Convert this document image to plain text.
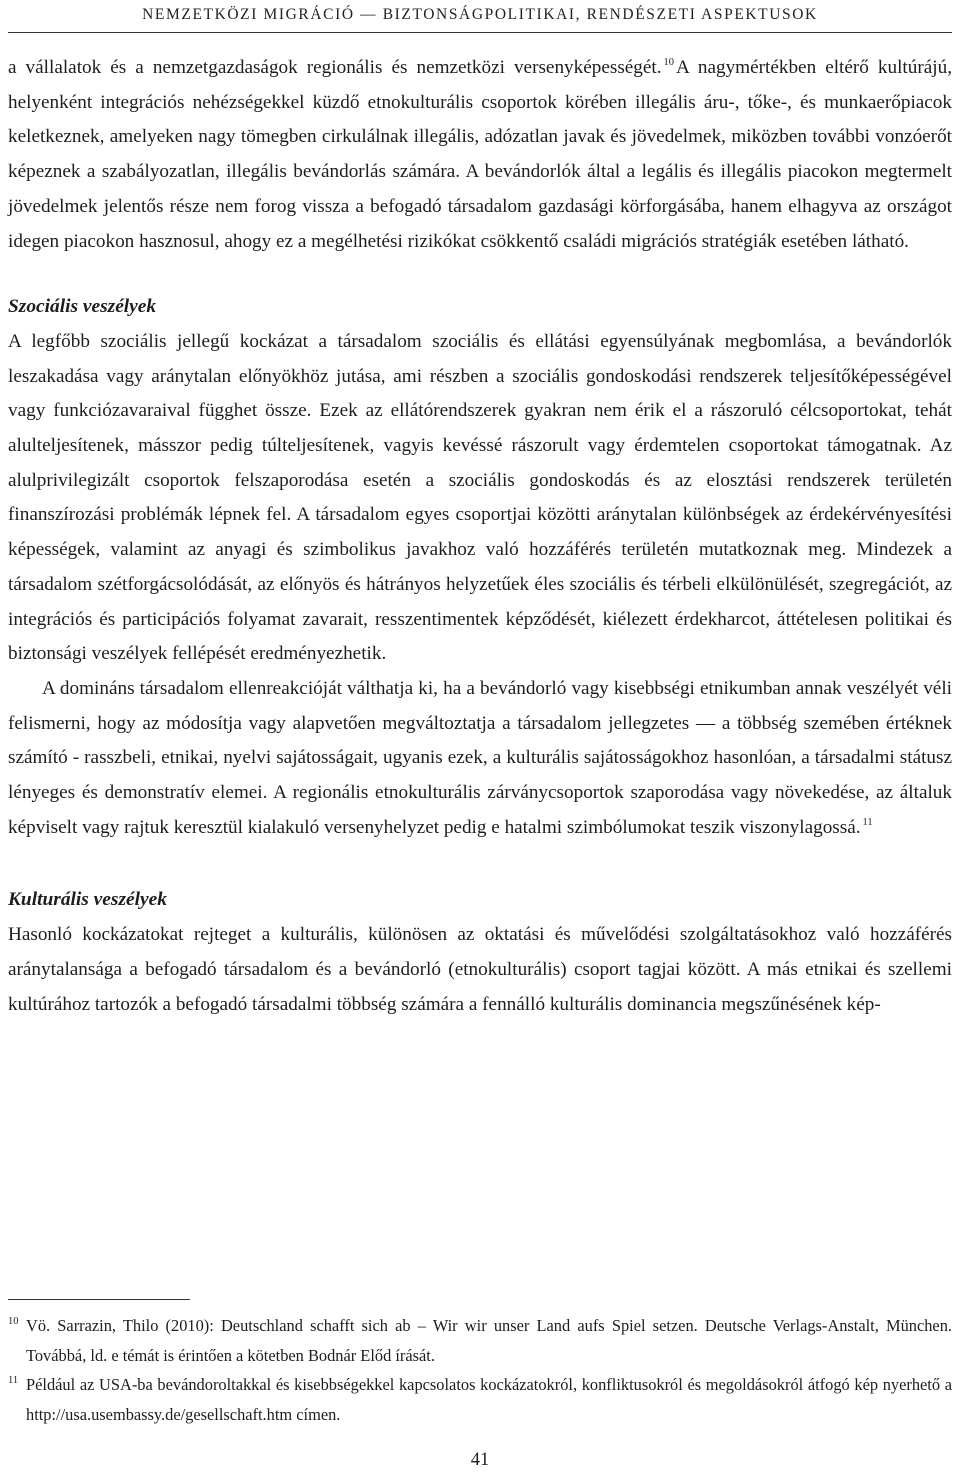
NEMZETKÖZI MIGRÁCIÓ — BIZTONSÁGPOLITIKAI, RENDÉSZETI ASPEKTUSOK

a vállalatok és a nemzetgazdaságok regionális és nemzetközi versenyképességét. $^{10}$ A nagymértékben eltérő kultúrájú, helyenként integrációs nehézségekkel küzdő etnokulturális csoportok körében illegális áru-, tőke-, és munkaerőpiacok keletkeznek, amelyeken nagy tömegben cirkulálnak illegális, adózatlan javak és jövedelmek, miközben további vonzóerőt képeznek a szabályozatlan, illegális bevándorlás számára. A bevándorlók által a legális és illegális piacokon megtermelt jövedelmek jelentős része nem forog vissza a befogadó társadalom gazdasági körforgásába, hanem elhagyva az országot idegen piacokon hasznosul, ahogy ez a megélhetési rizikókat csökkentő családi migrációs stratégiák esetében látható.

Szociális veszélyek

A legfőbb szociális jellegű kockázat a társadalom szociális és ellátási egyensúlyának megbomlása, a bevándorlók leszakadása vagy aránytalan előnyökhöz jutása, ami részben a szociális gondoskodási rendszerek teljesítőképességével vagy funkciózavaraival függhet össze. Ezek az ellátórendszerek gyakran nem érik el a rászoruló célcsoportokat, tehát alulteljesítenek, másszor pedig túlteljesítenek, vagyis kevéssé rászorult vagy érdemtelen csoportokat támogatnak. Az alulprivilegizált csoportok felszaporodása esetén a szociális gondoskodás és az elosztási rendszerek területén finanszírozási problémák lépnek fel. A társadalom egyes csoportjai közötti aránytalan különbségek az érdekérvényesítési képességek, valamint az anyagi és szimbolikus javakhoz való hozzáférés területén mutatkoznak meg. Mindezek a társadalom szétforgácsolódását, az előnyös és hátrányos helyzetűek éles szociális és térbeli elkülönülését, szegregációt, az integrációs és participációs folyamat zavarait, resszentimentek képződését, kiélezett érdekharcot, áttételesen politikai és biztonsági veszélyek fellépését eredményezhetik.

A domináns társadalom ellenreakcióját válthatja ki, ha a bevándorló vagy kisebbségi etnikumban annak veszélyét véli felismerni, hogy az módosítja vagy alapvetően megváltoztatja a társadalom jellegzetes — a többség szemében értéknek számító - rasszbeli, etnikai, nyelvi sajátosságait, ugyanis ezek, a kulturális sajátosságokhoz hasonlóan, a társadalmi státusz lényeges és demonstratív elemei. A regionális etnokulturális zárványcsoportok szaporodása vagy növekedése, az általuk képviselt vagy rajtuk keresztül kialakuló versenyhelyzet pedig e hatalmi szimbólumokat teszik viszonylagossá. $^{11}$

Kulturális veszélyek

Hasonló kockázatokat rejteget a kulturális, különösen az oktatási és művelődési szolgáltatásokhoz való hozzáférés aránytalansága a befogadó társadalom és a bevándorló (etnokulturális) csoport tagjai között. A más etnikai és szellemi kultúrához tartozók a befogadó társadalmi többség számára a fennálló kulturális dominancia megszűnésének kép-

10 Vö. Sarrazin, Thilo (2010): Deutschland schafft sich ab – Wir wir unser Land aufs Spiel setzen. Deutsche Verlags-Anstalt, München. Továbbá, ld. e témát is érintően a kötetben Bodnár Előd írását.

11 Például az USA-ba bevándoroltakkal és kisebbségekkel kapcsolatos kockázatokról, konfliktusokról és megoldásokról átfogó kép nyerhető a http://usa.usembassy.de/gesellschaft.htm címen.

41
